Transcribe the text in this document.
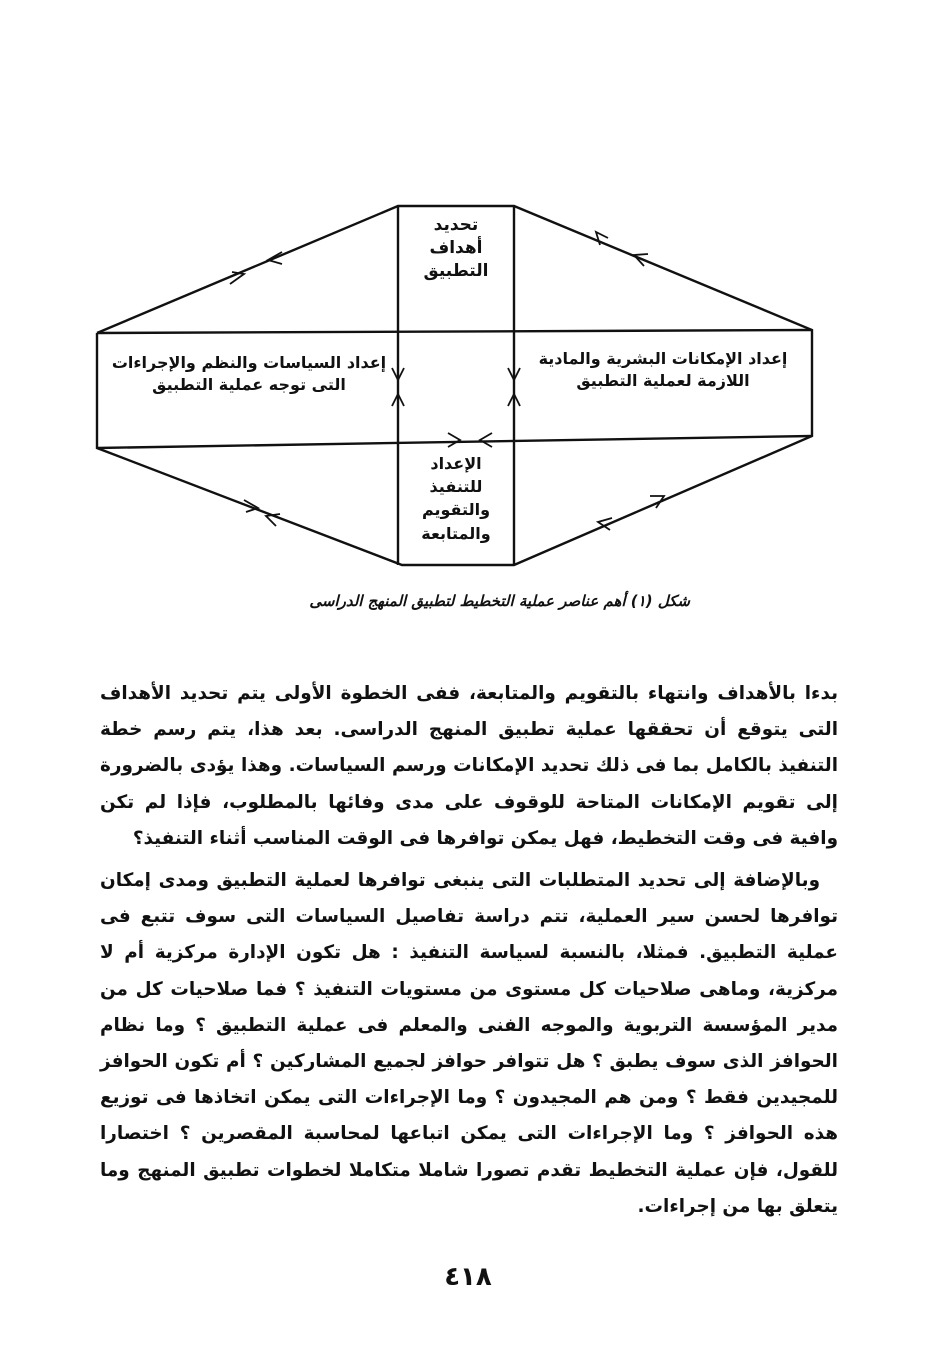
تحديد
أهداف
التطبيق
إعداد الإمكانات البشرية والمادية
اللازمة لعملية التطبيق
إعداد السياسات والنظم والإجراءات
التى توجه عملية التطبيق
الإعداد
للتنفيذ
والتقويم
والمتابعة
شكل (١) أهم عناصر عملية التخطيط لتطبيق المنهج الدراسى

بدءا بالأهداف وانتهاء بالتقويم والمتابعة، ففى الخطوة الأولى يتم تحديد الأهداف التى يتوقع أن تحققها عملية تطبيق المنهج الدراسى. بعد هذا، يتم رسم خطة التنفيذ بالكامل بما فى ذلك تحديد الإمكانات ورسم السياسات. وهذا يؤدى بالضرورة إلى تقويم الإمكانات المتاحة للوقوف على مدى وفائها بالمطلوب، فإذا لم تكن وافية فى وقت التخطيط، فهل يمكن توافرها فى الوقت المناسب أثناء التنفيذ؟

وبالإضافة إلى تحديد المتطلبات التى ينبغى توافرها لعملية التطبيق ومدى إمكان توافرها لحسن سير العملية، تتم دراسة تفاصيل السياسات التى سوف تتبع فى عملية التطبيق. فمثلا، بالنسبة لسياسة التنفيذ : هل تكون الإدارة مركزية أم لا مركزية، وماهى صلاحيات كل مستوى من مستويات التنفيذ ؟ فما صلاحيات كل من مدير المؤسسة التربوية والموجه الفنى والمعلم فى عملية التطبيق ؟ وما نظام الحوافز الذى سوف يطبق ؟ هل تتوافر حوافز لجميع المشاركين ؟ أم تكون الحوافز للمجيدين فقط ؟ ومن هم المجيدون ؟ وما الإجراءات التى يمكن اتخاذها فى توزيع هذه الحوافز ؟ وما الإجراءات التى يمكن اتباعها لمحاسبة المقصرين ؟ اختصارا للقول، فإن عملية التخطيط تقدم تصورا شاملا متكاملا لخطوات تطبيق المنهج وما يتعلق بها من إجراءات.

٤١٨
